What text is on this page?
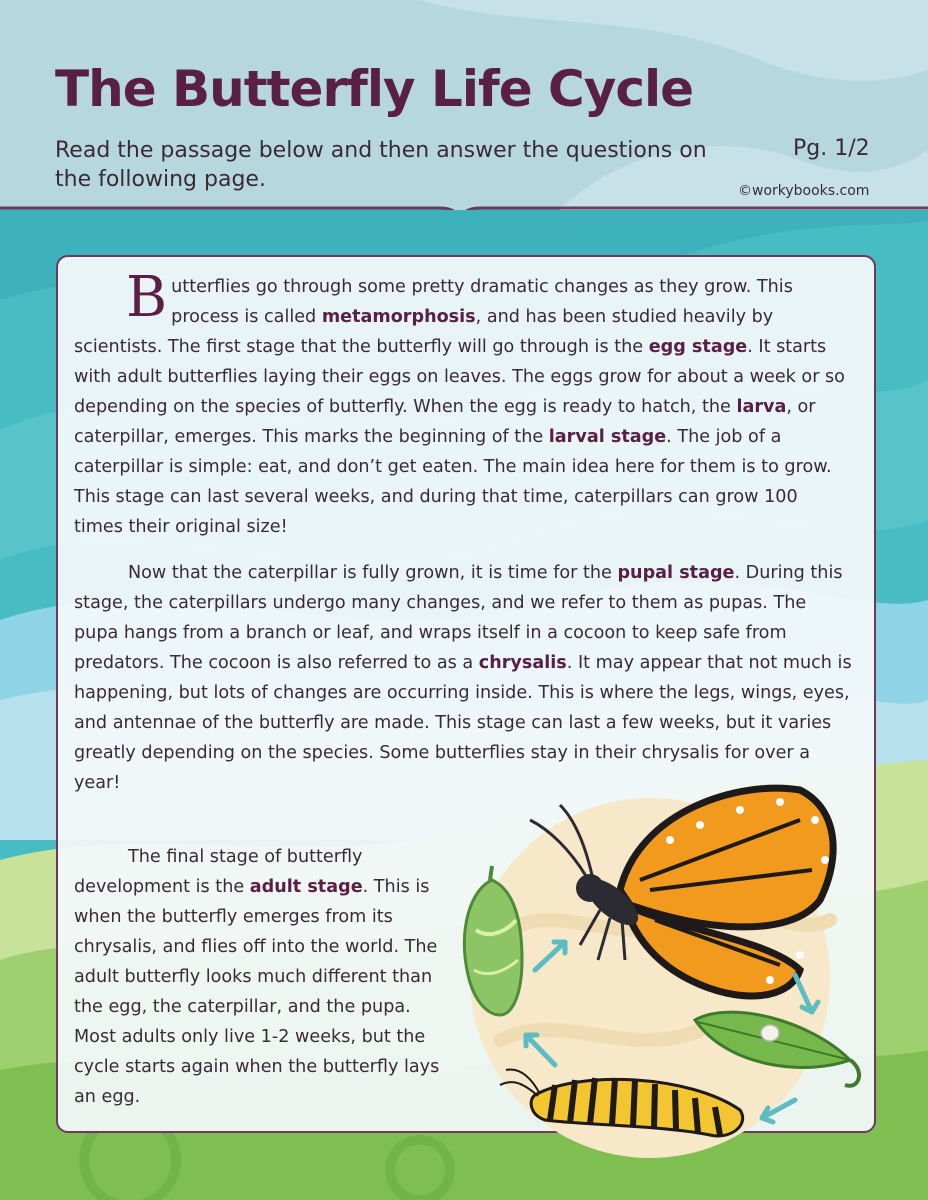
The Butterfly Life Cycle

Read the passage below and then answer the questions on the following page.

Pg. 1/2
©workybooks.com

Butterflies go through some pretty dramatic changes as they grow. This process is called metamorphosis, and has been studied heavily by scientists. The first stage that the butterfly will go through is the egg stage. It starts with adult butterflies laying their eggs on leaves. The eggs grow for about a week or so depending on the species of butterfly. When the egg is ready to hatch, the larva, or caterpillar, emerges. This marks the beginning of the larval stage. The job of a caterpillar is simple: eat, and don’t get eaten. The main idea here for them is to grow. This stage can last several weeks, and during that time, caterpillars can grow 100 times their original size!

Now that the caterpillar is fully grown, it is time for the pupal stage. During this stage, the caterpillars undergo many changes, and we refer to them as pupas. The pupa hangs from a branch or leaf, and wraps itself in a cocoon to keep safe from predators. The cocoon is also referred to as a chrysalis. It may appear that not much is happening, but lots of changes are occurring inside. This is where the legs, wings, eyes, and antennae of the butterfly are made. This stage can last a few weeks, but it varies greatly depending on the species. Some butterflies stay in their chrysalis for over a year!

The final stage of butterfly development is the adult stage. This is when the butterfly emerges from its chrysalis, and flies off into the world. The adult butterfly looks much different than the egg, the caterpillar, and the pupa. Most adults only live 1-2 weeks, but the cycle starts again when the butterfly lays an egg.
